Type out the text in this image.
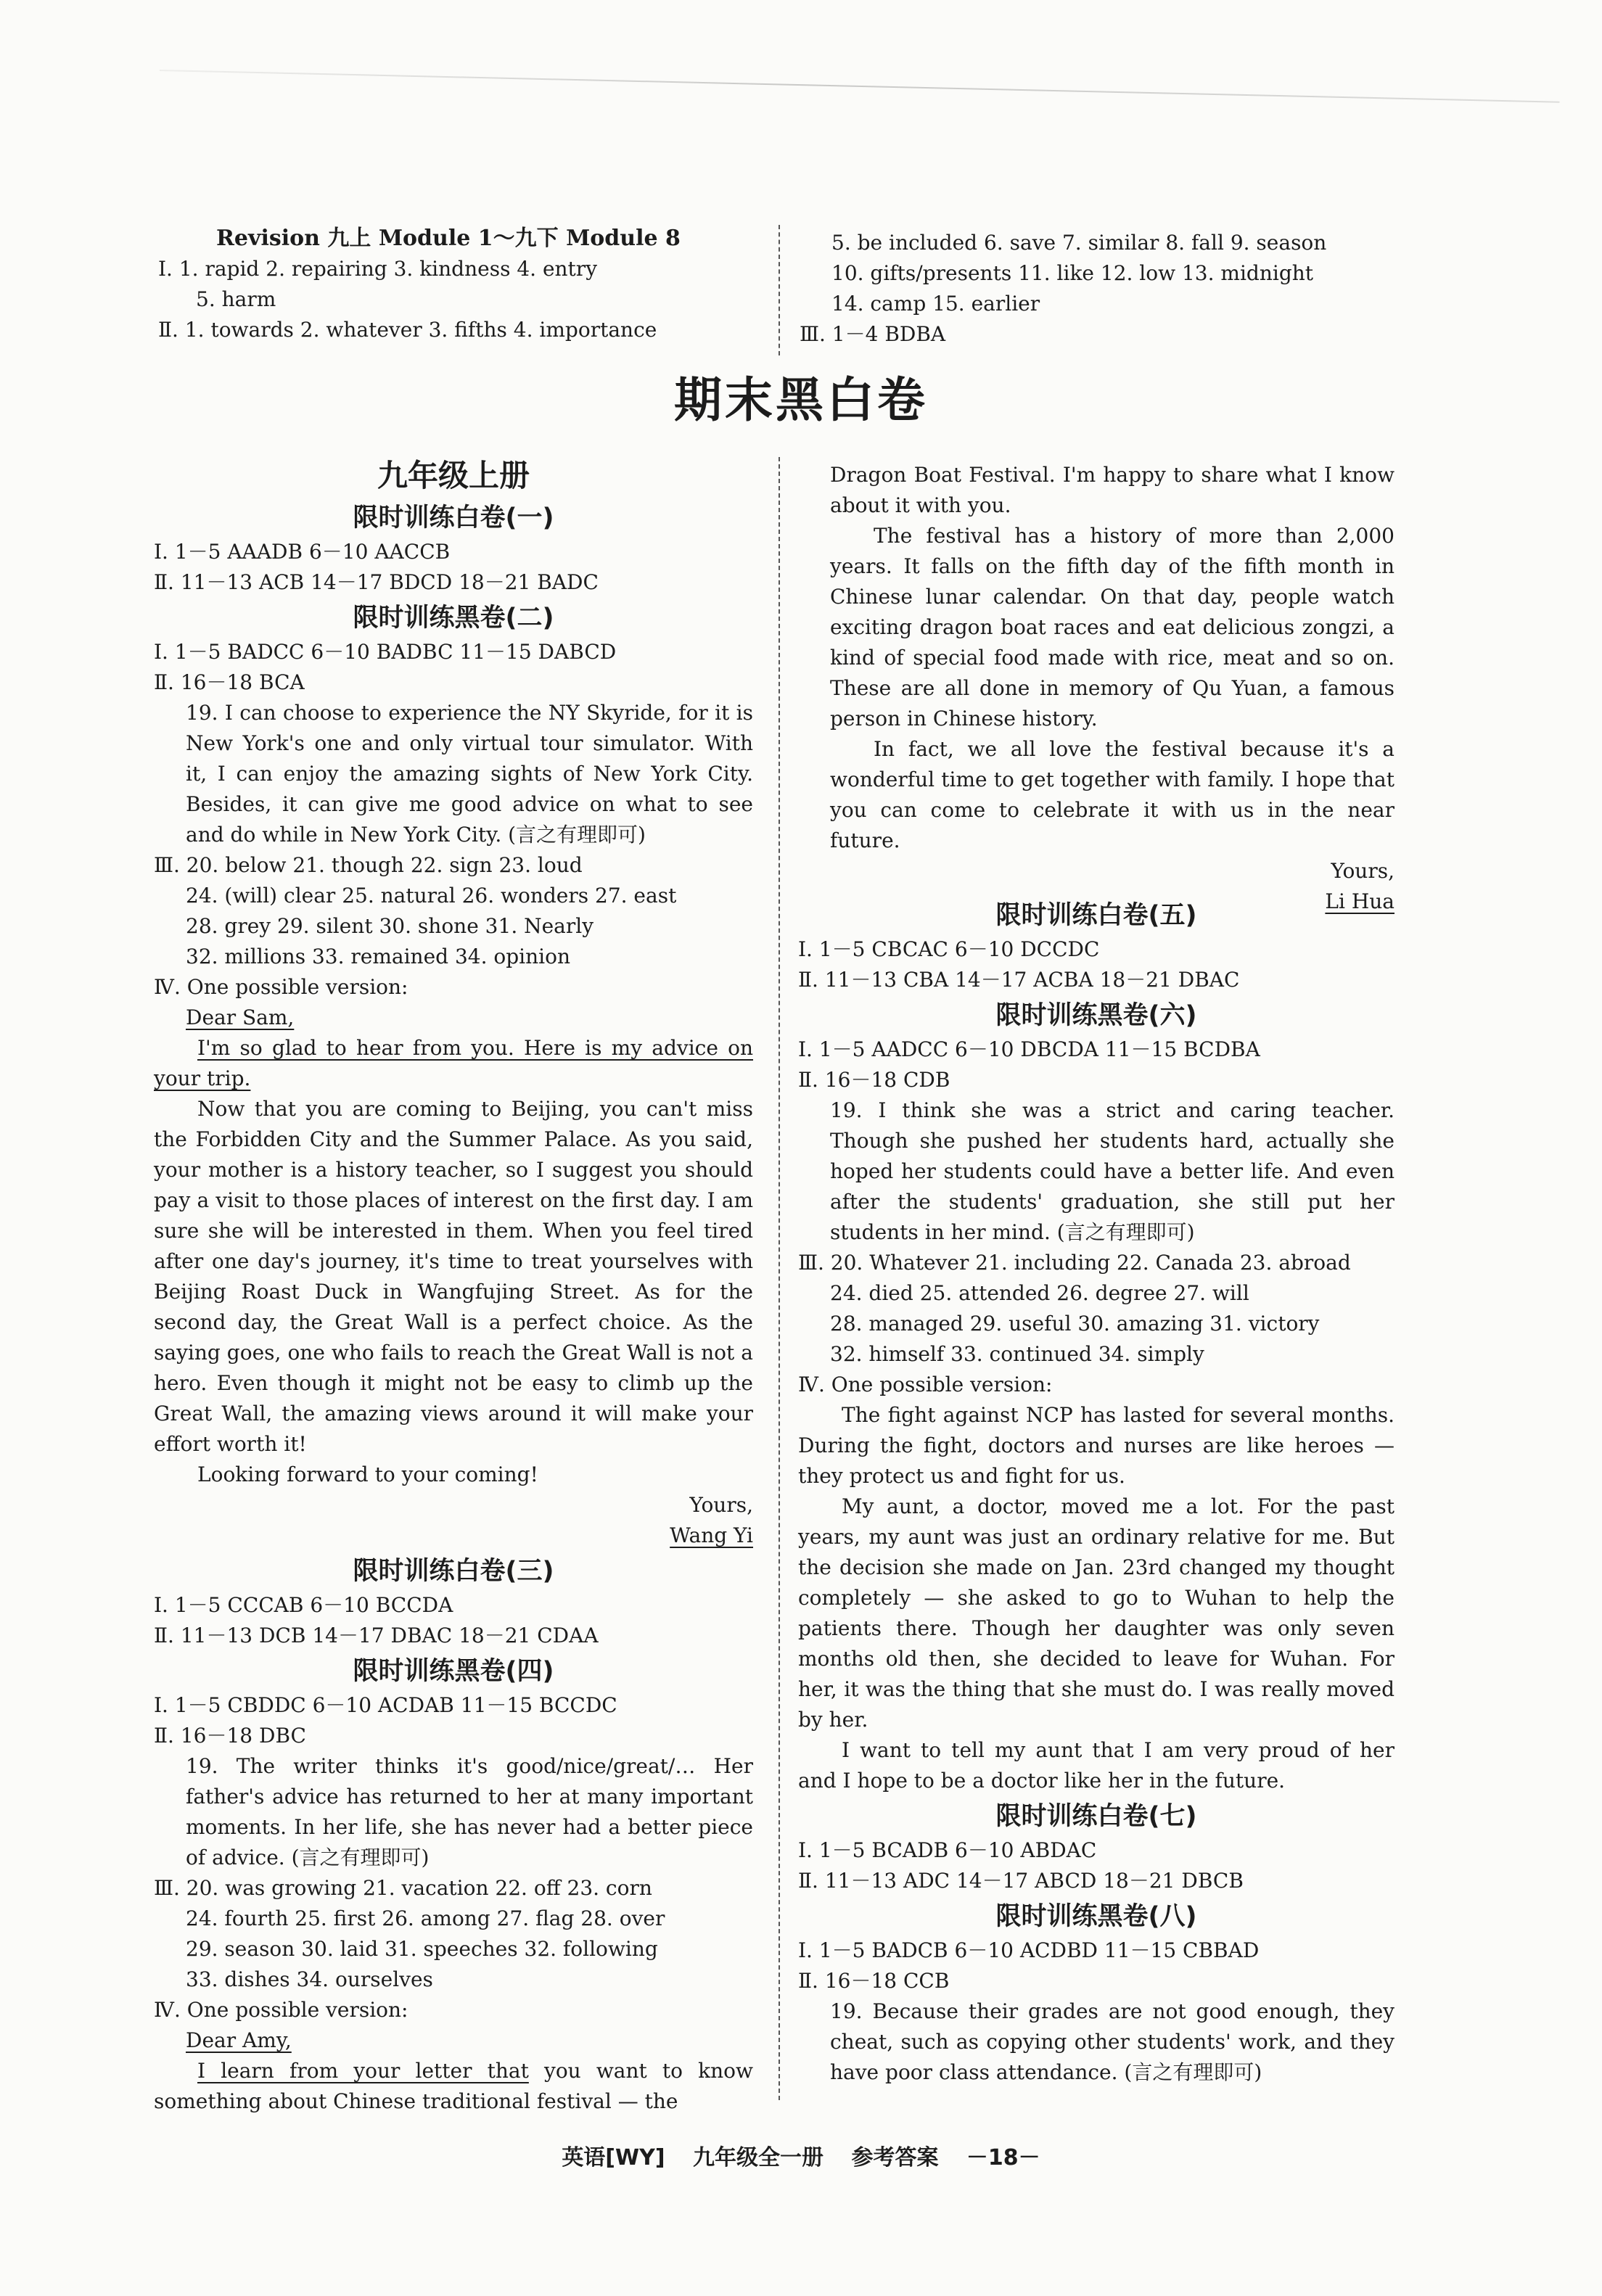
Revision 九上 Module 1～九下 Module 8

Ⅰ. 1. rapid 2. repairing 3. kindness 4. entry

5. harm

Ⅱ. 1. towards 2. whatever 3. fifths 4. importance

5. be included 6. save 7. similar 8. fall 9. season

10. gifts/presents 11. like 12. low 13. midnight

14. camp 15. earlier

Ⅲ. 1－4 BDBA

期末黑白卷

九年级上册

限时训练白卷(一)

Ⅰ. 1－5 AAADB 6－10 AACCB

Ⅱ. 11－13 ACB 14－17 BDCD 18－21 BADC

限时训练黑卷(二)

Ⅰ. 1－5 BADCC 6－10 BADBC 11－15 DABCD

Ⅱ. 16－18 BCA

19. I can choose to experience the NY Skyride, for it is New York's one and only virtual tour simulator. With it, I can enjoy the amazing sights of New York City. Besides, it can give me good advice on what to see and do while in New York City. (言之有理即可)

Ⅲ. 20. below 21. though 22. sign 23. loud

24. (will) clear 25. natural 26. wonders 27. east

28. grey 29. silent 30. shone 31. Nearly

32. millions 33. remained 34. opinion

Ⅳ. One possible version:

Dear Sam,

I'm so glad to hear from you. Here is my advice on your trip.

Now that you are coming to Beijing, you can't miss the Forbidden City and the Summer Palace. As you said, your mother is a history teacher, so I suggest you should pay a visit to those places of interest on the first day. I am sure she will be interested in them. When you feel tired after one day's journey, it's time to treat yourselves with Beijing Roast Duck in Wangfujing Street. As for the second day, the Great Wall is a perfect choice. As the saying goes, one who fails to reach the Great Wall is not a hero. Even though it might not be easy to climb up the Great Wall, the amazing views around it will make your effort worth it!

Looking forward to your coming!

Yours,

Wang Yi

限时训练白卷(三)

Ⅰ. 1－5 CCCAB 6－10 BCCDA

Ⅱ. 11－13 DCB 14－17 DBAC 18－21 CDAA

限时训练黑卷(四)

Ⅰ. 1－5 CBDDC 6－10 ACDAB 11－15 BCCDC

Ⅱ. 16－18 DBC

19. The writer thinks it's good/nice/great/… Her father's advice has returned to her at many important moments. In her life, she has never had a better piece of advice. (言之有理即可)

Ⅲ. 20. was growing 21. vacation 22. off 23. corn

24. fourth 25. first 26. among 27. flag 28. over

29. season 30. laid 31. speeches 32. following

33. dishes 34. ourselves

Ⅳ. One possible version:

Dear Amy,

I learn from your letter that you want to know something about Chinese traditional festival — the

Dragon Boat Festival. I'm happy to share what I know about it with you.

The festival has a history of more than 2,000 years. It falls on the fifth day of the fifth month in Chinese lunar calendar. On that day, people watch exciting dragon boat races and eat delicious zongzi, a kind of special food made with rice, meat and so on. These are all done in memory of Qu Yuan, a famous person in Chinese history.

In fact, we all love the festival because it's a wonderful time to get together with family. I hope that you can come to celebrate it with us in the near future.

Yours,

Li Hua

限时训练白卷(五)

Ⅰ. 1－5 CBCAC 6－10 DCCDC

Ⅱ. 11－13 CBA 14－17 ACBA 18－21 DBAC

限时训练黑卷(六)

Ⅰ. 1－5 AADCC 6－10 DBCDA 11－15 BCDBA

Ⅱ. 16－18 CDB

19. I think she was a strict and caring teacher. Though she pushed her students hard, actually she hoped her students could have a better life. And even after the students' graduation, she still put her students in her mind. (言之有理即可)

Ⅲ. 20. Whatever 21. including 22. Canada 23. abroad

24. died 25. attended 26. degree 27. will

28. managed 29. useful 30. amazing 31. victory

32. himself 33. continued 34. simply

Ⅳ. One possible version:

The fight against NCP has lasted for several months. During the fight, doctors and nurses are like heroes — they protect us and fight for us.

My aunt, a doctor, moved me a lot. For the past years, my aunt was just an ordinary relative for me. But the decision she made on Jan. 23rd changed my thought completely — she asked to go to Wuhan to help the patients there. Though her daughter was only seven months old then, she decided to leave for Wuhan. For her, it was the thing that she must do. I was really moved by her.

I want to tell my aunt that I am very proud of her and I hope to be a doctor like her in the future.

限时训练白卷(七)

Ⅰ. 1－5 BCADB 6－10 ABDAC

Ⅱ. 11－13 ADC 14－17 ABCD 18－21 DBCB

限时训练黑卷(八)

Ⅰ. 1－5 BADCB 6－10 ACDBD 11－15 CBBAD

Ⅱ. 16－18 CCB

19. Because their grades are not good enough, they cheat, such as copying other students' work, and they have poor class attendance. (言之有理即可)

英语[WY] 九年级全一册 参考答案 －18－
